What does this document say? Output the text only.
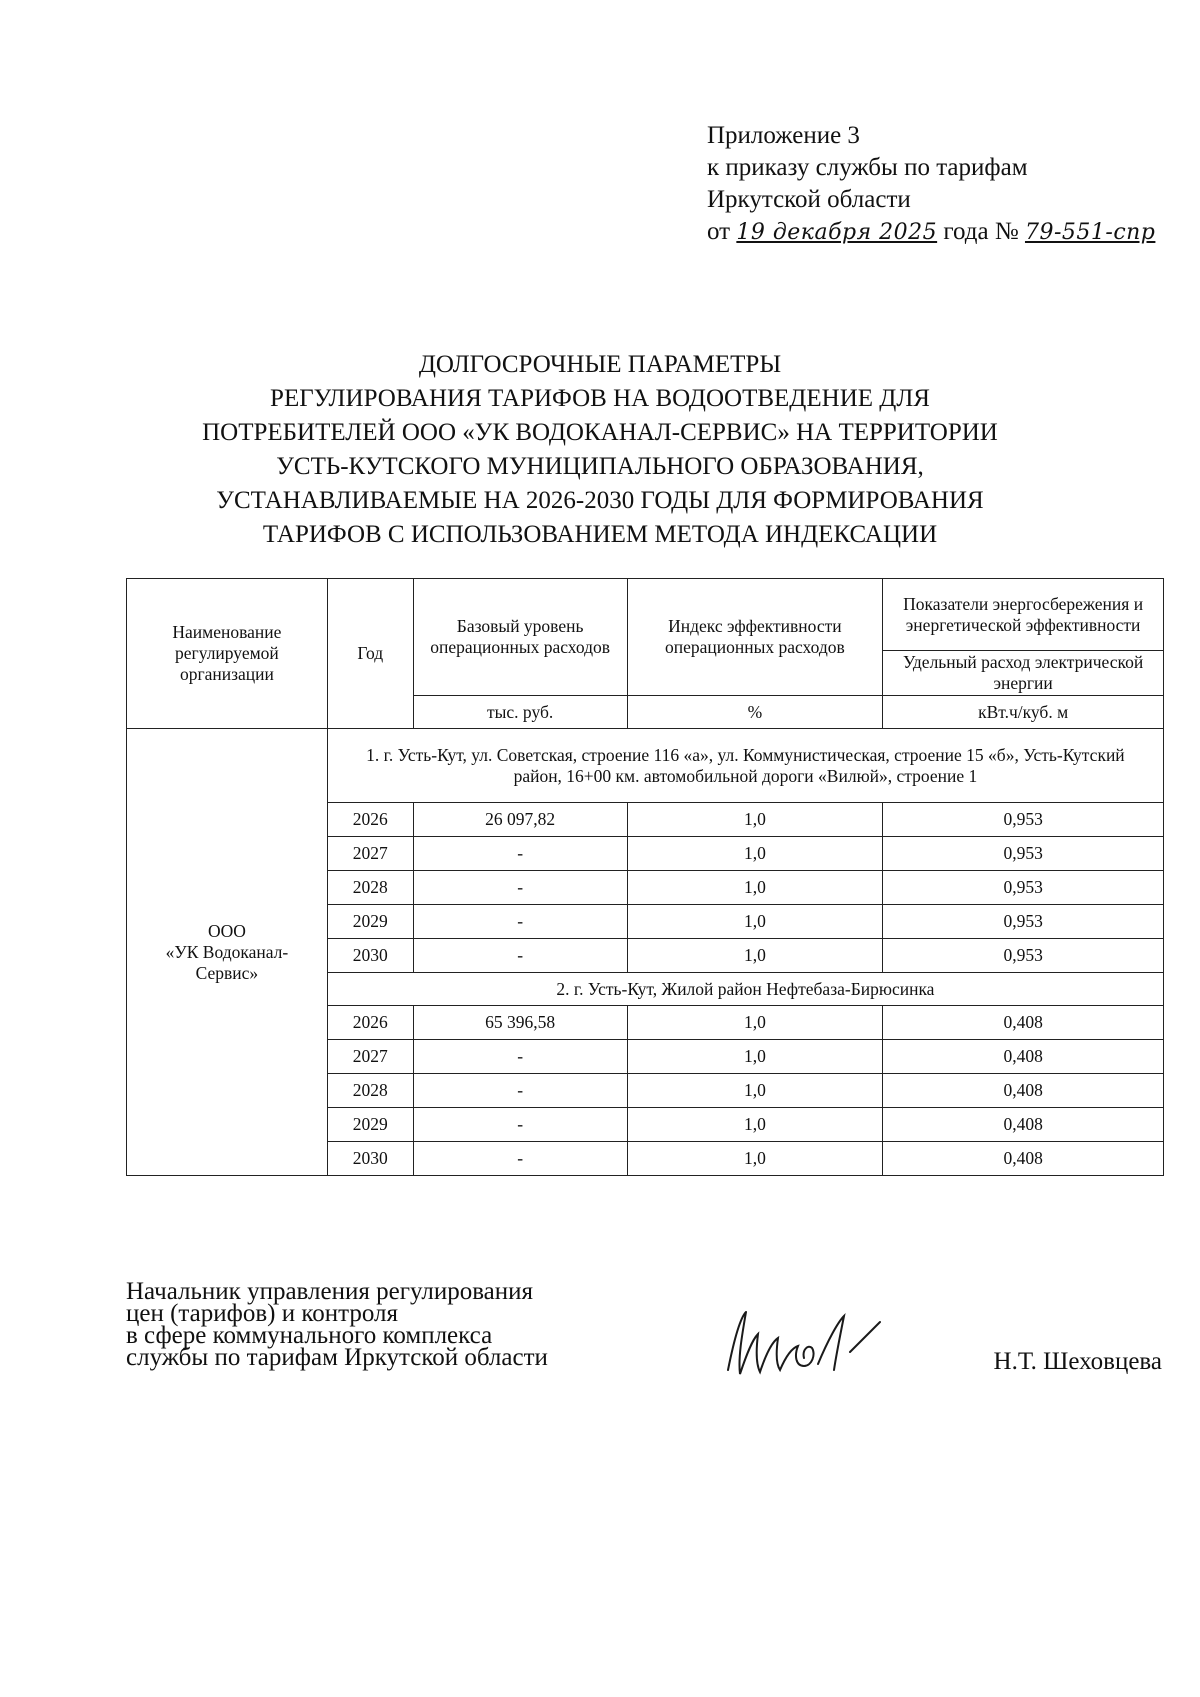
Приложение 3
к приказу службы по тарифам
Иркутской области
от 19 декабря 2025 года № 79-551-спр
ДОЛГОСРОЧНЫЕ ПАРАМЕТРЫ
РЕГУЛИРОВАНИЯ ТАРИФОВ НА ВОДООТВЕДЕНИЕ ДЛЯ
ПОТРЕБИТЕЛЕЙ ООО «УК ВОДОКАНАЛ-СЕРВИС» НА ТЕРРИТОРИИ
УСТЬ-КУТСКОГО МУНИЦИПАЛЬНОГО ОБРАЗОВАНИЯ,
УСТАНАВЛИВАЕМЫЕ НА 2026-2030 ГОДЫ ДЛЯ ФОРМИРОВАНИЯ
ТАРИФОВ С ИСПОЛЬЗОВАНИЕМ МЕТОДА ИНДЕКСАЦИИ
Наименование регулируемой организации	Год	Базовый уровень операционных расходов	Индекс эффективности операционных расходов	Показатели энергосбережения и энергетической эффективности
				Удельный расход электрической энергии
		тыс. руб.	%	кВт.ч/куб. м

ООО
«УК Водоканал-
Сервис»	1. г. Усть-Кут, ул. Советская, строение 116 «а», ул. Коммунистическая, строение 15 «б», Усть-Кутский район, 16+00 км. автомобильной дороги «Вилюй», строение 1			
	2026	26 097,82	1,0	0,953
	2027	-	1,0	0,953
	2028	-	1,0	0,953
	2029	-	1,0	0,953
	2030	-	1,0	0,953
	2. г. Усть-Кут, Жилой район Нефтебаза-Бирюсинка			
	2026	65 396,58	1,0	0,408
	2027	-	1,0	0,408
	2028	-	1,0	0,408
	2029	-	1,0	0,408
	2030	-	1,0	0,408
Начальник управления регулирования
цен (тарифов) и контроля
в сфере коммунального комплекса
службы по тарифам Иркутской области	Н.Т. Шеховцева
